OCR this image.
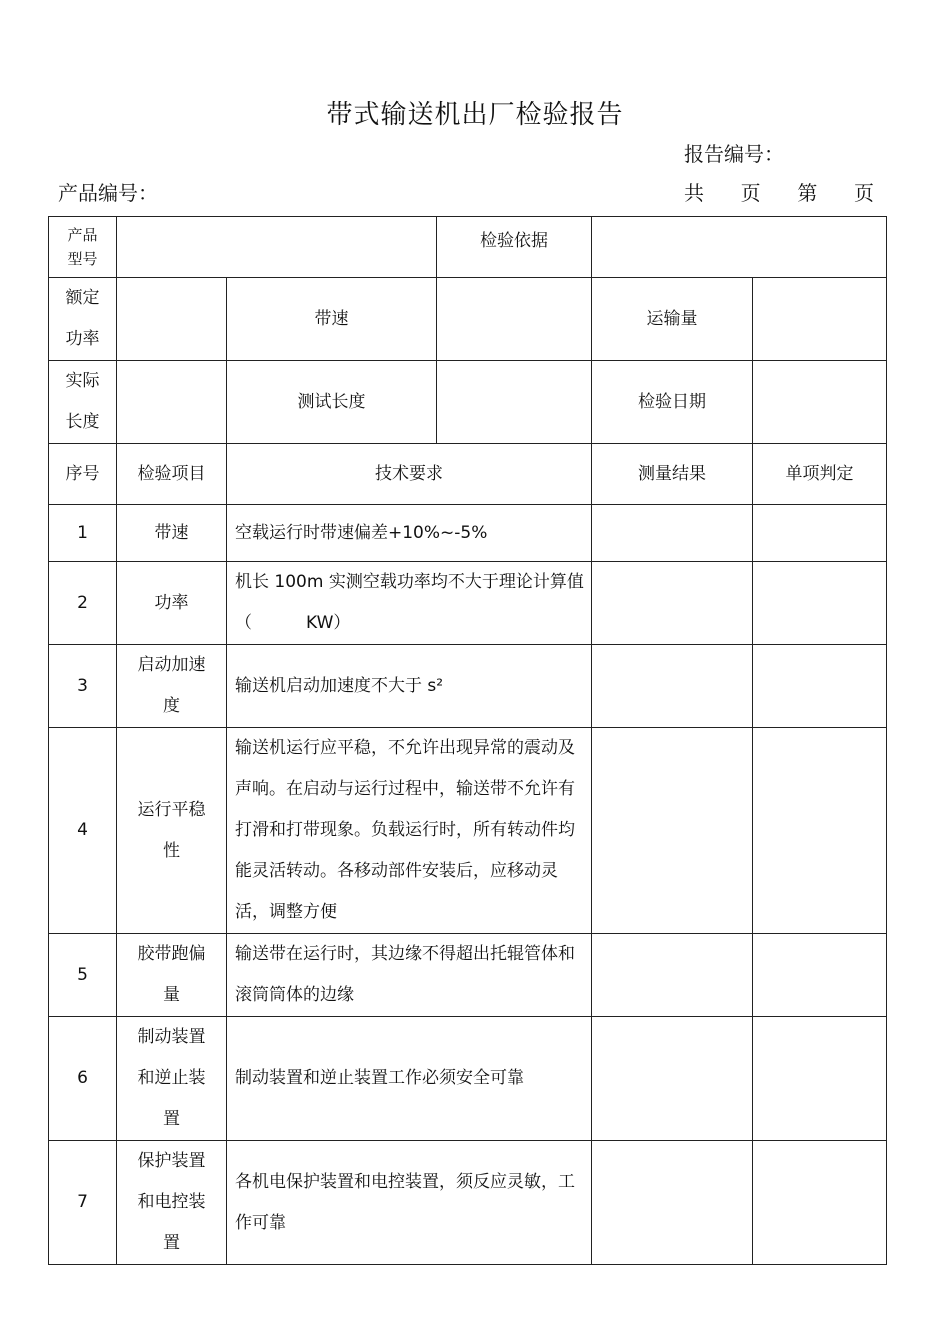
带式输送机出厂检验报告
报告编号：
产品编号：	共 页 第 页
产品型号			检验依据		

额定功率		带速		运输量	

实际长度		测试长度		检验日期	
序号	检验项目	技术要求		测量结果	单项判定
1	带速	空载运行时带速偏差+10%~-5%			
2	功率	机长 100m 实测空载功率均不大于理论计算值（          KW）			
3	启动加速度	输送机启动加速度不大于 s²			
4	运行平稳性	输送机运行应平稳，不允许出现异常的震动及声响。在启动与运行过程中，输送带不允许有打滑和打带现象。负载运行时，所有转动件均能灵活转动。各移动部件安装后，应移动灵活，调整方便			
5	胶带跑偏量	输送带在运行时，其边缘不得超出托辊管体和滚筒筒体的边缘			
6	制动装置和逆止装置	制动装置和逆止装置工作必须安全可靠			
7	保护装置和电控装置	各机电保护装置和电控装置，须反应灵敏，工作可靠			
